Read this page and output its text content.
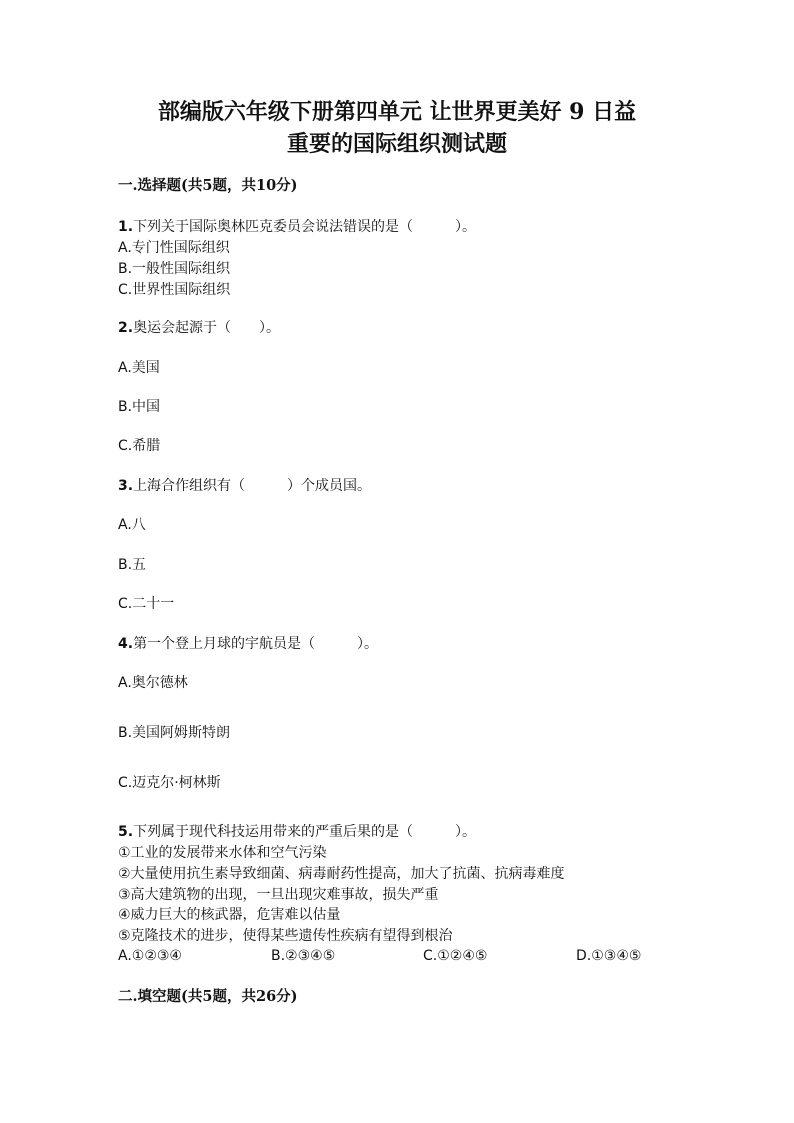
部编版六年级下册第四单元 让世界更美好 9 日益
重要的国际组织测试题
一.选择题(共5题，共10分)
1.下列关于国际奥林匹克委员会说法错误的是（　　　）。
A.专门性国际组织
B.一般性国际组织
C.世界性国际组织
2.奥运会起源于（　　）。
A.美国
B.中国
C.希腊
3.上海合作组织有（　　　）个成员国。
A.八
B.五
C.二十一
4.第一个登上月球的宇航员是（　　　）。
A.奥尔德林
B.美国阿姆斯特朗
C.迈克尔·柯林斯
5.下列属于现代科技运用带来的严重后果的是（　　　）。
①工业的发展带来水体和空气污染
②大量使用抗生素导致细菌、病毒耐药性提高，加大了抗菌、抗病毒难度
③高大建筑物的出现，一旦出现灾难事故，损失严重
④威力巨大的核武器，危害难以估量
⑤克隆技术的进步，使得某些遗传性疾病有望得到根治
A.①②③④	B.②③④⑤	C.①②④⑤	D.①③④⑤
二.填空题(共5题，共26分)
